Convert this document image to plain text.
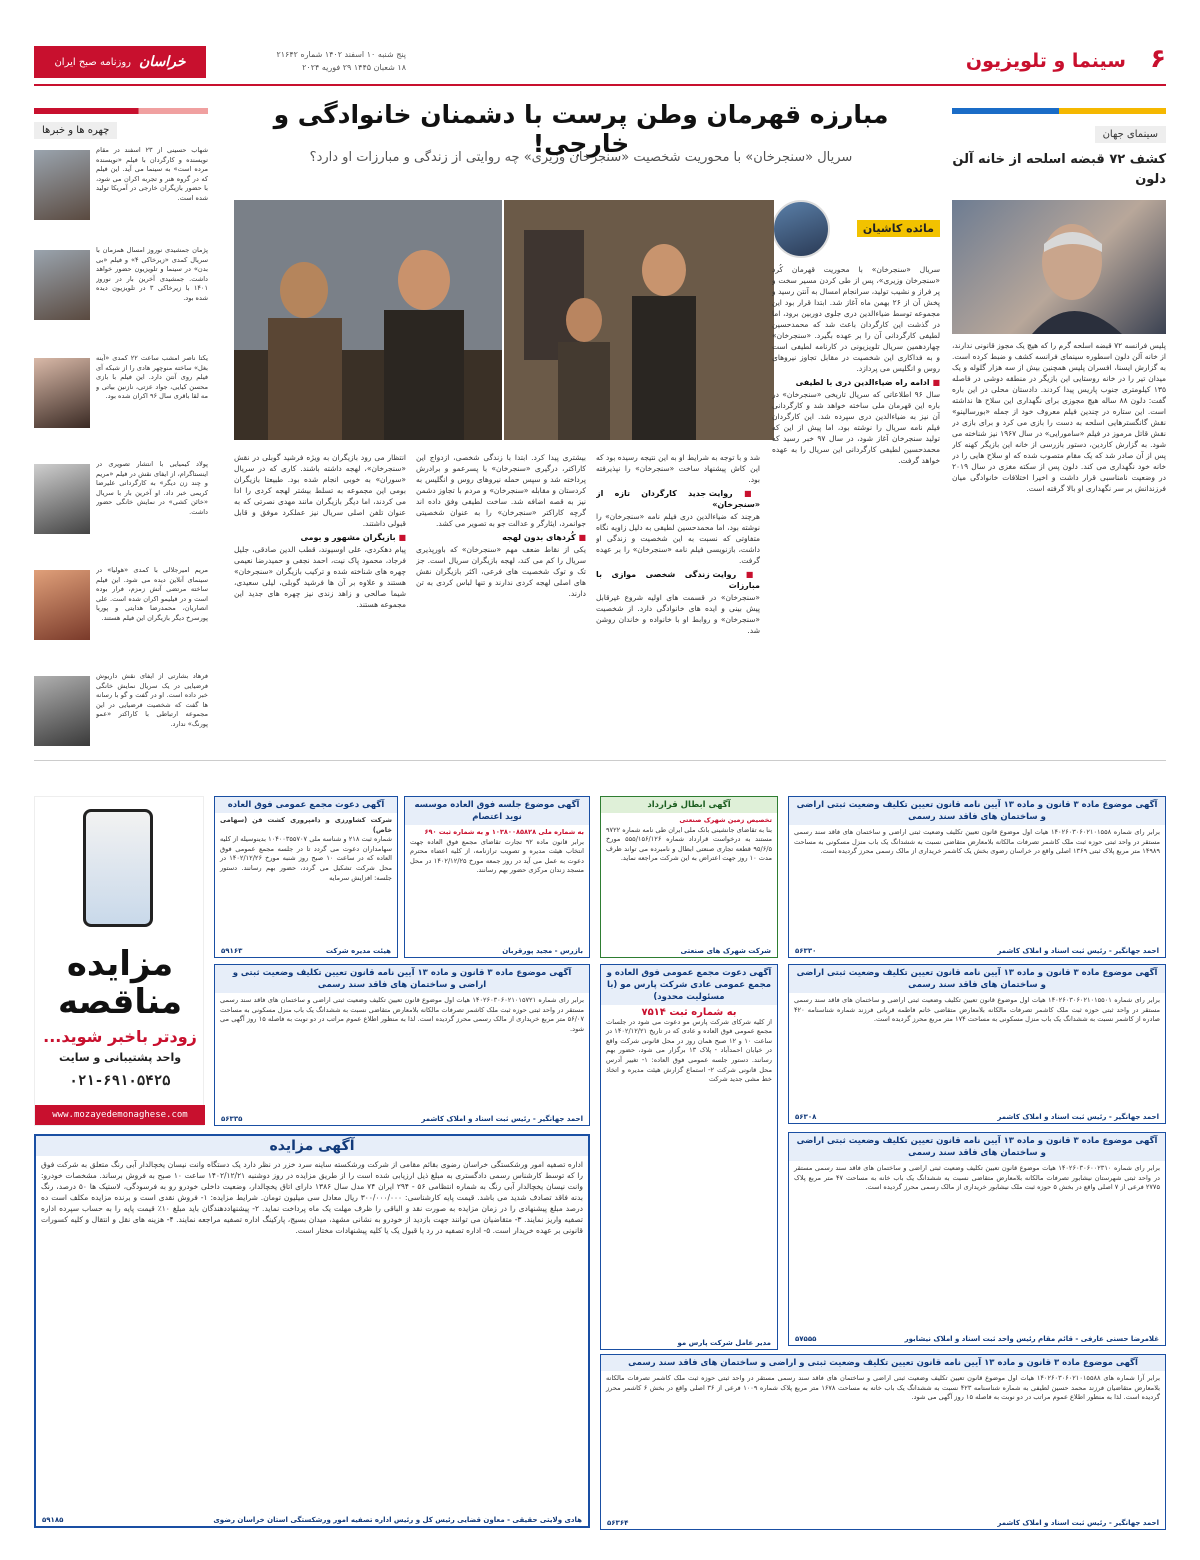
۶
سینما و تلویزیون
پنج شنبه ۱۰ اسفند ۱۴۰۲ شماره ۲۱۶۴۲
۱۸ شعبان ۱۴۴۵ ۲۹ فوریه ۲۰۲۴
خراسان
روزنامه صبح ایران
سینمای جهان
کشف ۷۲ قبضه اسلحه از خانه آلن دلون
پلیس فرانسه ۷۲ قبضه اسلحه گرم را که هیچ یک مجوز قانونی ندارند، از خانه آلن دلون اسطوره سینمای فرانسه کشف و ضبط کرده است. به گزارش ایسنا، افسران پلیس همچنین بیش از سه هزار گلوله و یک میدان تیر را در خانه روستایی این بازیگر در منطقه دوشی در فاصله ۱۳۵ کیلومتری جنوب پاریس پیدا کردند. دادستان محلی در این باره گفت: دلون ۸۸ ساله هیچ مجوزی برای نگهداری این سلاح ها نداشته است. این ستاره در چندین فیلم معروف خود از جمله «بورسالینو» نقش گانگسترهایی اسلحه به دست را بازی می کرد و برای بازی در نقش قاتل مرموز در فیلم «سامورایی» در سال ۱۹۶۷ نیز شناخته می شود. به گزارش کاردین، دستور بازرسی از خانه این بازیگر کهنه کار پس از آن صادر شد که یک مقام متصوب شده که او سلاح هایی را در خانه خود نگهداری می کند. دلون پس از سکته مغزی در سال ۲۰۱۹ در وضعیت نامناسبی قرار داشت و اخیرا اختلافات خانوادگی میان فرزندانش بر سر نگهداری او بالا گرفته است.
چهره ها و خبرها
شهاب حسینی از ۲۳ اسفند در مقام نویسنده و کارگردان با فیلم «نویسنده مرده است» به سینما می آید. این فیلم که در گروه هنر و تجربه اکران می شود، با حضور بازیگران خارجی در آمریکا تولید شده است.
پژمان جمشیدی نوروز امسال همزمان با سریال کمدی «زیرخاکی ۴» و فیلم «بی بدن» در سینما و تلویزیون حضور خواهد داشت. جمشیدی آخرین بار در نوروز ۱۴۰۱ با زیرخاکی ۳ در تلویزیون دیده شده بود.
یکتا ناصر امشب ساعت ۲۲ کمدی «آینه بغل» ساخته منوچهر هادی را از شبکه آی فیلم روی آنتن دارد. این فیلم با بازی محسن کیایی، جواد عزتی، نازنین بیاتی و مه لقا باقری سال ۹۶ اکران شده بود.
پولاد کیمیایی با انتشار تصویری در اینستاگرام، از ایفای نقش در فیلم «مریم و چند زن دیگر» به کارگردانی علیرضا کریمی خبر داد. او آخرین بار با سریال «خائن کشی» در نمایش خانگی حضور داشت.
مریم امیرجلالی با کمدی «هولیا» در سینمای آنلاین دیده می شود. این فیلم ساخته مرتضی آتش زمزم، فرار بوده است و در فیلیمو اکران شده است. علی انصاریان، محمدرضا هدایتی و پوریا پورسرخ دیگر بازیگران این فیلم هستند.
فرهاد بشارتی از ایفای نقش داریوش فرضیایی در یک سریال نمایش خانگی خبر داده است. او در گفت و گو با رسانه ها گفت که شخصیت فرضیایی در این مجموعه ارتباطی با کاراکتر «عمو پورنگ» ندارد.
مبارزه قهرمان وطن پرست با دشمنان خانوادگی و خارجی!
سریال «سنجرخان» با محوریت شخصیت «سنجرخان وزیری» چه روایتی از زندگی و مبارزات او دارد؟
مائده کاشیان
سریال «سنجرخان» با محوریت قهرمان کُرد «سنجرخان وزیری»، پس از طی کردن مسیر سخت و پر فراز و نشیب تولید، سرانجام امسال به آنتن رسید و پخش آن از ۲۶ بهمن ماه آغاز شد. ابتدا قرار بود این مجموعه توسط ضیاءالدین دری جلوی دوربین برود، اما در گذشت این کارگردان باعث شد که محمدحسین لطیفی کارگردانی آن را بر عهده بگیرد. «سنجرخان» چهاردهمین سریال تلویزیونی در کارنامه لطیفی است و به فداکاری این شخصیت در مقابل تجاوز نیروهای روس و انگلیس می پردازد.
■ ادامه راه ضیاءالدین دری با لطیفی
سال ۹۶ اطلاعاتی که سریال تاریخی «سنجرخان» در باره این قهرمان ملی ساخته خواهد شد و کارگردانی آن نیز به ضیاءالدین دری سپرده شد. این کارگردان فیلم نامه سریال را نوشته بود، اما پیش از این که تولید سنجرخان آغاز شود، در سال ۹۷ خبر رسید که محمدحسین لطیفی کارگردانی این سریال را به عهده خواهد گرفت.
شد و با توجه به شرایط او به این نتیجه رسیده بود که این کاش پیشنهاد ساخت «سنجرخان» را نپذیرفته بود.
■ روایت جدید کارگردان تازه از «سنجرخان»
هرچند که ضیاءالدین دری فیلم نامه «سنجرخان» را نوشته بود، اما محمدحسین لطیفی به دلیل زاویه نگاه متفاوتی که نسبت به این شخصیت و زندگی او داشت، بازنویسی فیلم نامه «سنجرخان» را بر عهده گرفت.
■ روایت زندگی شخصی موازی با مبارزات
«سنجرخان» در قسمت های اولیه شروع غیرقابل پیش بینی و ایده های خانوادگی دارد. از شخصیت «سنجرخان» و روابط او با خانواده و خاندان روشن شد.
بیشتری پیدا کرد. ابتدا با زندگی شخصی، ازدواج این کاراکتر، درگیری «سنجرخان» با پسرعمو و برادرش پرداخته شد و سپس حمله نیروهای روس و انگلیس به کردستان و مقابله «سنجرخان» و مردم با تجاوز دشمن نیز به قصه اضافه شد. ساخت لطیفی وفق داده اند گرچه کاراکتر «سنجرخان» را به عنوان شخصیتی جوانمرد، ایثارگر و عدالت جو به تصویر می کشد.
■ کُردهای بدون لهجه
یکی از نقاط ضعف مهم «سنجرخان» که باورپذیری سریال را کم می کند، لهجه بازیگران سریال است. جز تک و توک شخصیت های فرعی، اکثر بازیگران نقش های اصلی لهجه کردی ندارند و تنها لباس کردی به تن دارند.
انتظار می رود بازیگران به ویژه فرشید گوبلی در نقش «سنجرخان»، لهجه داشته باشند. کاری که در سریال «سوران» به خوبی انجام شده بود. طبیعتا بازیگران بومی این مجموعه به تسلط بیشتر لهجه کردی را ادا می کردند، اما دیگر بازیگران مانند مهدی نصرتی که به عنوان تلفن اصلی سریال نیز عملکرد موفق و قابل قبولی داشتند.
■ بازیگران مشهور و بومی
پیام دهکردی، علی اوسیوند، قطب الدین صادقی، جلیل فرجاد، محمود پاک نیت، احمد نجفی و حمیدرضا نعیمی چهره های شناخته شده و ترکیب بازیگران «سنجرخان» هستند و علاوه بر آن ها فرشید گوبلی، لیلی سعیدی، شیما صالحی و زاهد زندی نیز چهره های جدید این مجموعه هستند.
مزایده مناقصه
زودتر باخبر شوید...
واحد پشتیبانی و سایت
۰۲۱-۶۹۱۰۵۴۲۵
www.mozayedemonaghese.com
آگهی دعوت مجمع عمومی فوق العاده
شرکت کشاورزی و دامپروری کشت فن (سهامی خاص)
شماره ثبت ۲۱۸ و شناسه ملی ۱۰۴۰۰۳۵۵۷۰۷ بدینوسیله از کلیه سهامداران دعوت می گردد تا در جلسه مجمع عمومی فوق العاده که در ساعت ۱۰ صبح روز شنبه مورخ ۱۴۰۲/۱۲/۲۶ در محل شرکت تشکیل می گردد، حضور بهم رسانند. دستور جلسه: افزایش سرمایه
هیئت مدیره شرکت
۵۹۱۶۳
آگهی موضوع جلسه فوق العاده موسسه نوید اعتصام
به شماره ملی ۱۰۳۸۰۰۸۵۸۲۸ و به شماره ثبت ۶۹۰
برابر قانون ماده ۹۲ تجارت تقاضای مجمع فوق العاده جهت انتخاب هیئت مدیره و تصویب ترازنامه، از کلیه اعضاء محترم دعوت به عمل می آید در روز جمعه مورخ ۱۴۰۲/۱۲/۲۵ در محل مسجد زندان مرکزی حضور بهم رسانند.
بازرس - مجید پورقربان
آگهی ابطال قرارداد
تخصیص زمین شهرک صنعتی
بنا به تقاضای جانشینی بانک ملی ایران طی نامه شماره ۹۷۲۲ مستند به درخواست قرارداد شماره ۵۵۵/۱۵۶/۱۲۶ مورخ ۹۵/۶/۵ قطعه تجاری صنعتی ابطال و نامبرده می تواند ظرف مدت ۱۰ روز جهت اعتراض به این شرکت مراجعه نماید.
شرکت شهرک های صنعتی
آگهی موضوع ماده ۳ قانون و ماده ۱۳ آیین نامه قانون تعیین تکلیف وضعیت ثبتی اراضی و ساختمان های فاقد سند رسمی
برابر رای شماره ۱۴۰۲۶۰۳۰۶۰۲۱۰۱۵۵۸ هیات اول موضوع قانون تعیین تکلیف وضعیت ثبتی اراضی و ساختمان های فاقد سند رسمی مستقر در واحد ثبتی حوزه ثبت ملک کاشمر تصرفات مالکانه بلامعارض متقاضی نسبت به ششدانگ یک باب منزل مسکونی به مساحت ۱۴۹۸۹ متر مربع پلاک ثبتی ۱۳۶۹ اصلی واقع در خراسان رضوی بخش یک کاشمر خریداری از مالک رسمی محرز گردیده است.
احمد جهانگیر - رئیس ثبت اسناد و املاک کاشمر
۵۶۳۳۰
آگهی موضوع ماده ۳ قانون و ماده ۱۳ آیین نامه قانون تعیین تکلیف وضعیت ثبتی و اراضی و ساختمان های فاقد سند رسمی
برابر رای شماره ۱۴۰۲۶۰۳۰۶۰۲۱۰۱۵۷۲۱ هیات اول موضوع قانون تعیین تکلیف وضعیت ثبتی اراضی و ساختمان های فاقد سند رسمی مستقر در واحد ثبتی حوزه ثبت ملک کاشمر تصرفات مالکانه بلامعارض متقاضی نسبت به ششدانگ یک باب منزل مسکونی به مساحت ۵۶/۰۷ متر مربع خریداری از مالک رسمی محرز گردیده است. لذا به منظور اطلاع عموم مراتب در دو نوبت به فاصله ۱۵ روز آگهی می شود.
احمد جهانگیر - رئیس ثبت اسناد و املاک کاشمر
۵۶۳۳۵
آگهی دعوت مجمع عمومی فوق العاده و مجمع عمومی عادی شرکت پارس مو (با مسئولیت محدود)
به شماره ثبت ۷۵۱۴
از کلیه شرکای شرکت پارس مو دعوت می شود در جلسات مجمع عمومی فوق العاده و عادی که در تاریخ ۱۴۰۲/۱۲/۲۱ در ساعت ۱۰ و ۱۲ صبح همان روز در محل قانونی شرکت واقع در خیابان احمدآباد - پلاک ۱۳ برگزار می شود، حضور بهم رسانند. دستور جلسه عمومی فوق العاده: ۱- تغییر آدرس محل قانونی شرکت ۲- استماع گزارش هیئت مدیره و اتخاذ خط مشی جدید شرکت
مدیر عامل شرکت پارس مو
آگهی موضوع ماده ۳ قانون و ماده ۱۳ آیین نامه قانون تعیین تکلیف وضعیت ثبتی اراضی و ساختمان های فاقد سند رسمی
برابر رای شماره ۱۴۰۲۶۰۳۰۶۰۲۱۰۱۵۵۰۱ هیات اول موضوع قانون تعیین تکلیف وضعیت ثبتی اراضی و ساختمان های فاقد سند رسمی مستقر در واحد ثبتی حوزه ثبت ملک کاشمر تصرفات مالکانه بلامعارض متقاضی خانم فاطمه قربانی فرزند شماره شناسنامه ۴۲۰ صادره از کاشمر نسبت به ششدانگ یک باب منزل مسکونی به مساحت ۱۷۴ متر مربع محرز گردیده است.
احمد جهانگیر - رئیس ثبت اسناد و املاک کاشمر
۵۶۳۰۸
آگهی موضوع ماده ۳ قانون و ماده ۱۳ آیین نامه قانون تعیین تکلیف وضعیت ثبتی اراضی و ساختمان های فاقد سند رسمی
برابر رای شماره ۱۴۰۲۶۰۳۰۶۰۰۲۳۱۰ هیات موضوع قانون تعیین تکلیف وضعیت ثبتی اراضی و ساختمان های فاقد سند رسمی مستقر در واحد ثبتی شهرستان نیشابور تصرفات مالکانه بلامعارض متقاضی نسبت به ششدانگ یک باب خانه به مساحت ۴۷ متر مربع پلاک ۲۷۷۵ فرعی از ۷ اصلی واقع در بخش ۵ حوزه ثبت ملک نیشابور خریداری از مالک رسمی محرز گردیده است.
غلامرضا حسنی عارفی - قائم مقام رئیس واحد ثبت اسناد و املاک نیشابور
۵۷۵۵۵
آگهی موضوع ماده ۳ قانون و ماده ۱۳ آیین نامه قانون تعیین تکلیف وضعیت ثبتی و اراضی و ساختمان های فاقد سند رسمی
برابر آرا شماره های ۱۴۰۲۶۰۳۰۶۰۲۱۰۱۵۵۸۸ هیات اول موضوع قانون تعیین تکلیف وضعیت ثبتی اراضی و ساختمان های فاقد سند رسمی مستقر در واحد ثبتی حوزه ثبت ملک کاشمر تصرفات مالکانه بلامعارض متقاضیان فرزند محمد حسین لطیفی به شماره شناسنامه ۴۲۳ نسبت به ششدانگ یک باب خانه به مساحت ۱۶۷۸ متر مربع پلاک شماره ۱۰۰۹ فرعی از ۳۶ اصلی واقع در بخش ۶ کاشمر محرز گردیده است. لذا به منظور اطلاع عموم مراتب در دو نوبت به فاصله ۱۵ روز آگهی می شود.
احمد جهانگیر - رئیس ثبت اسناد و املاک کاشمر
۵۶۳۶۴
آگهی مزایده
اداره تصفیه امور ورشکستگی خراسان رضوی بقائم مقامی از شرکت ورشکسته ساینه سرد خزر در نظر دارد یک دستگاه وانت نیسان یخچالدار آبی رنگ متعلق به شرکت فوق را که توسط کارشناس رسمی دادگستری به مبلغ ذیل ارزیابی شده است را از طریق مزایده در روز دوشنبه ۱۴۰۲/۱۲/۲۱ ساعت ۱۰ صبح به فروش برساند. مشخصات خودرو: وانت نیسان یخچالدار آبی رنگ به شماره انتظامی ۵۶ - ۲۹۴ ایران ۷۴ مدل سال ۱۳۸۶ دارای اتاق یخچالدار، وضعیت داخلی خودرو رو به فرسودگی، لاستیک ها ۵۰ درصد، رنگ بدنه فاقد تصادف شدید می باشد. قیمت پایه کارشناسی: ۳۰۰/۰۰۰/۰۰۰ ریال معادل سی میلیون تومان. شرایط مزایده: ۱- فروش نقدی است و برنده مزایده مکلف است ده درصد مبلغ پیشنهادی را در زمان مزایده به صورت نقد و الباقی را ظرف مهلت یک ماه پرداخت نماید. ۲- پیشنهاددهندگان باید مبلغ ۱۰٪ قیمت پایه را به حساب سپرده اداره تصفیه واریز نمایند. ۳- متقاضیان می توانند جهت بازدید از خودرو به نشانی مشهد، میدان بسیج، پارکینگ اداره تصفیه مراجعه نمایند. ۴- هزینه های نقل و انتقال و کلیه کسورات قانونی بر عهده خریدار است. ۵- اداره تصفیه در رد یا قبول یک یا کلیه پیشنهادات مختار است.
هادی ولایتی حقیقی - معاون قضایی رئیس کل و رئیس اداره تصفیه امور ورشکستگی استان خراسان رضوی
۵۹۱۸۵
